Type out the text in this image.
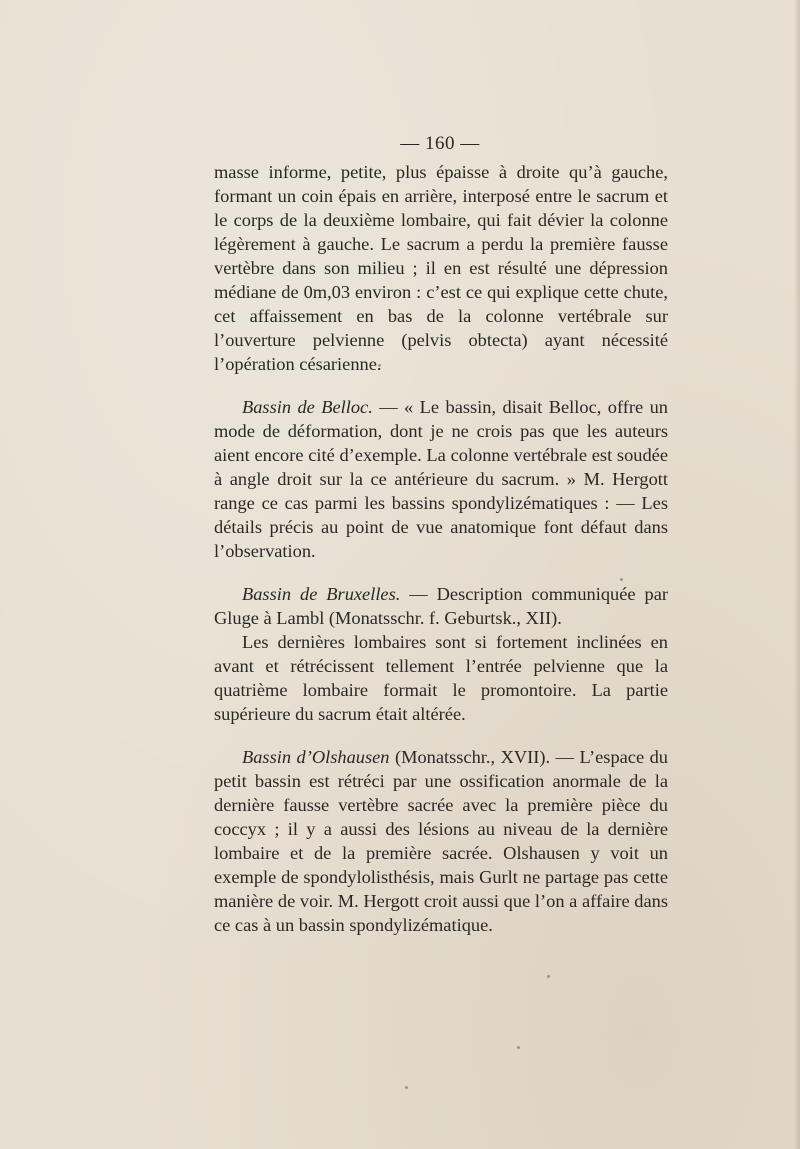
— 160 —

masse informe, petite, plus épaisse à droite qu’à gauche, formant un coin épais en arrière, interposé entre le sacrum et le corps de la deuxième lombaire, qui fait dévier la colonne légèrement à gauche. Le sacrum a perdu la première fausse vertèbre dans son milieu ; il en est résulté une dépression médiane de 0m,03 environ : c’est ce qui explique cette chute, cet affaissement en bas de la colonne vertébrale sur l’ouverture pelvienne (pelvis obtecta) ayant nécessité l’opération césarienne.

Bassin de Belloc. — « Le bassin, disait Belloc, offre un mode de déformation, dont je ne crois pas que les auteurs aient encore cité d’exemple. La colonne vertébrale est soudée à angle droit sur la ce antérieure du sacrum. » M. Hergott range ce cas parmi les bassins spondylizématiques : — Les détails précis au point de vue anatomique font défaut dans l’observation.

Bassin de Bruxelles. — Description communiquée par Gluge à Lambl (Monatsschr. f. Geburtsk., XII).

Les dernières lombaires sont si fortement inclinées en avant et rétrécissent tellement l’entrée pelvienne que la quatrième lombaire formait le promontoire. La partie supérieure du sacrum était altérée.

Bassin d’Olshausen (Monatsschr., XVII). — L’espace du petit bassin est rétréci par une ossification anormale de la dernière fausse vertèbre sacrée avec la première pièce du coccyx ; il y a aussi des lésions au niveau de la dernière lombaire et de la première sacrée. Olshausen y voit un exemple de spondylolisthésis, mais Gurlt ne partage pas cette manière de voir. M. Hergott croit aussi que l’on a affaire dans ce cas à un bassin spondylizématique.
